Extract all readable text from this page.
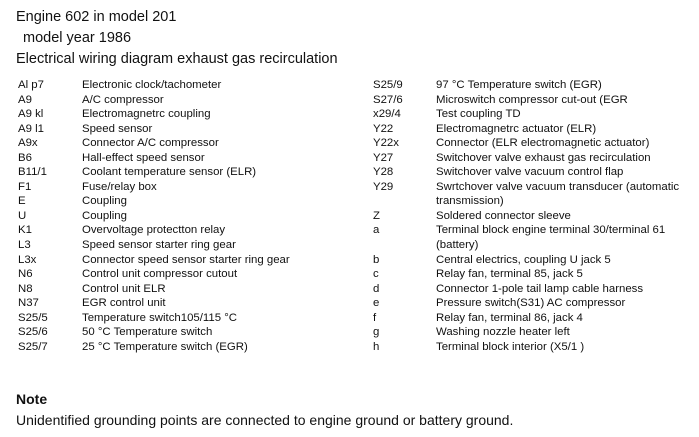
Engine 602 in model 201
model year 1986
Electrical wiring diagram exhaust gas recirculation
Al p7	Electronic clock/tachometer
A9	A/C compressor
A9 kl	Electromagnetrc coupling
A9 l1	Speed sensor
A9x	Connector A/C compressor
B6	Hall-effect speed sensor
B11/1	Coolant temperature sensor (ELR)
F1	Fuse/relay box
E	Coupling
U	Coupling
K1	Overvoltage protectton relay
L3	Speed sensor starter ring gear
L3x	Connector speed sensor starter ring gear
N6	Control unit compressor cutout
N8	Control unit ELR
N37	EGR control unit
S25/5	Temperature switch105/115 °C
S25/6	50 °C Temperature switch
S25/7	25 °C Temperature switch (EGR)
S25/9	97 °C Temperature switch (EGR)
S27/6	Microswitch compressor cut-out (EGR
x29/4	Test coupling TD
Y22	Electromagnetrc actuator (ELR)
Y22x	Connector (ELR electromagnetic actuator)
Y27	Switchover valve exhaust gas recirculation
Y28	Switchover valve vacuum control flap
Y29	Swrtchover valve vacuum transducer (automatic transmission)
Z	Soldered connector sleeve
a	Terminal block engine terminal 30/terminal 61 (battery)
b	Central electrics, coupling U jack 5
c	Relay fan, terminal 85, jack 5
d	Connector 1-pole tail lamp cable harness
e	Pressure switch(S31) AC compressor
f	Relay fan, terminal 86, jack 4
g	Washing nozzle heater left
h	Terminal block interior (X5/1 )
Note
Unidentified grounding points are connected to engine ground or battery ground.
